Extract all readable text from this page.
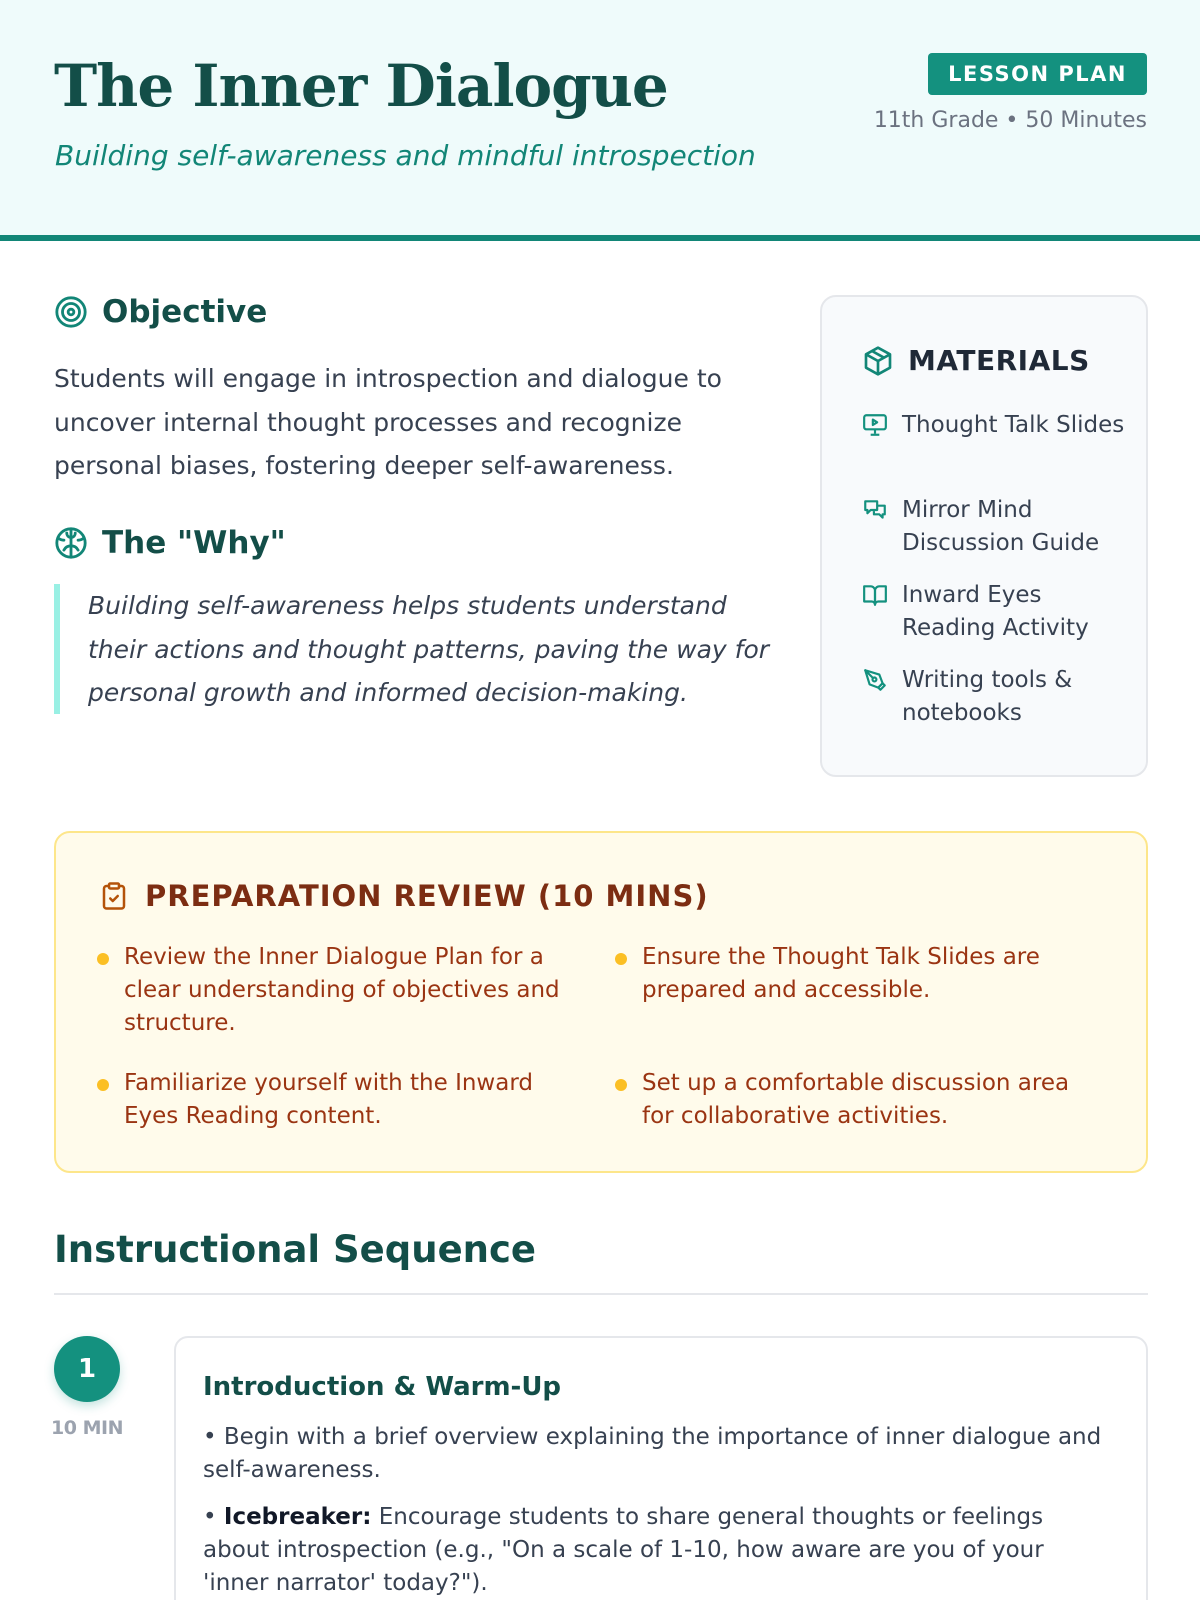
The Inner Dialogue
Building self-awareness and mindful introspection
LESSON PLAN
11th Grade • 50 Minutes
Objective

Students will engage in introspection and dialogue to uncover internal thought processes and recognize personal biases, fostering deeper self-awareness.

The "Why"
Building self-awareness helps students understand their actions and thought patterns, paving the way for personal growth and informed decision-making.
MATERIALS
Thought Talk Slides
Mirror Mind Discussion Guide
Inward Eyes Reading Activity
Writing tools & notebooks
PREPARATION REVIEW (10 MINS)
Review the Inner Dialogue Plan for a clear understanding of objectives and structure.
Ensure the Thought Talk Slides are prepared and accessible.
Familiarize yourself with the Inward Eyes Reading content.
Set up a comfortable discussion area for collaborative activities.
Instructional Sequence
1
10 MIN
Introduction & Warm-Up

• Begin with a brief overview explaining the importance of inner dialogue and self-awareness.

• Icebreaker: Encourage students to share general thoughts or feelings about introspection (e.g., "On a scale of 1-10, how aware are you of your 'inner narrator' today?").
